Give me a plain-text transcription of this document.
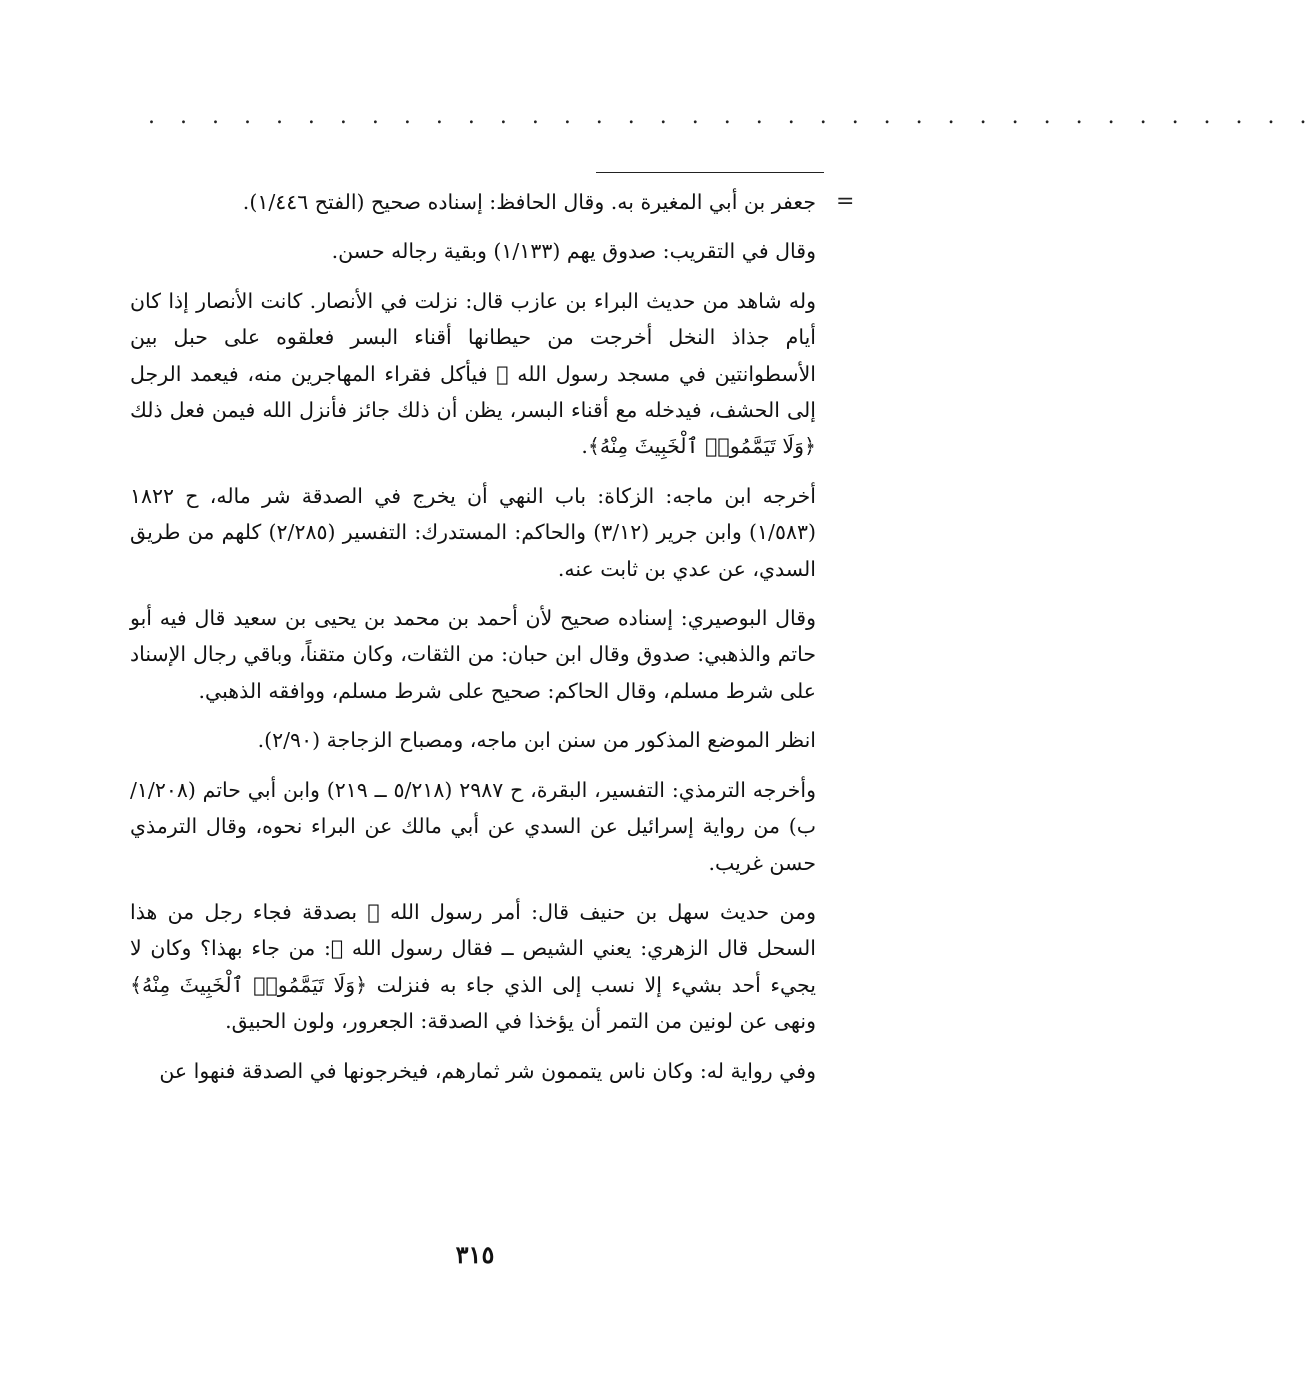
. . . . . . . . . . . . . . . . . . . . . . . . . . . . . . . . . . . . .
=

جعفر بن أبي المغيرة به. وقال الحافظ: إسناده صحيح (الفتح ١/٤٤٦).

وقال في التقريب: صدوق يهم (١/١٣٣) وبقية رجاله حسن.

وله شاهد من حديث البراء بن عازب قال: نزلت في الأنصار. كانت الأنصار إذا كان أيام جذاذ النخل أخرجت من حيطانها أقناء البسر فعلقوه على حبل بين الأسطوانتين في مسجد رسول الله ﷺ فيأكل فقراء المهاجرين منه، فيعمد الرجل إلى الحشف، فيدخله مع أقناء البسر، يظن أن ذلك جائز فأنزل الله فيمن فعل ذلك ﴿وَلَا تَيَمَّمُوا۟ ٱلْخَبِيثَ مِنْهُ﴾.

أخرجه ابن ماجه: الزكاة: باب النهي أن يخرج في الصدقة شر ماله، ح ١٨٢٢ (١/٥٨٣) وابن جرير (٣/١٢) والحاكم: المستدرك: التفسير (٢/٢٨٥) كلهم من طريق السدي، عن عدي بن ثابت عنه.

وقال البوصيري: إسناده صحيح لأن أحمد بن محمد بن يحيى بن سعيد قال فيه أبو حاتم والذهبي: صدوق وقال ابن حبان: من الثقات، وكان متقناً، وباقي رجال الإسناد على شرط مسلم، وقال الحاكم: صحيح على شرط مسلم، ووافقه الذهبي.

انظر الموضع المذكور من سنن ابن ماجه، ومصباح الزجاجة (٢/٩٠).

وأخرجه الترمذي: التفسير، البقرة، ح ٢٩٨٧ (٥/٢١٨ ــ ٢١٩) وابن أبي حاتم (١/٢٠٨/ب) من رواية إسرائيل عن السدي عن أبي مالك عن البراء نحوه، وقال الترمذي حسن غريب.

ومن حديث سهل بن حنيف قال: أمر رسول الله ﷺ بصدقة فجاء رجل من هذا السحل قال الزهري: يعني الشيص ــ فقال رسول الله ﷺ: من جاء بهذا؟ وكان لا يجيء أحد بشيء إلا نسب إلى الذي جاء به فنزلت ﴿وَلَا تَيَمَّمُوا۟ ٱلْخَبِيثَ مِنْهُ﴾ ونهى عن لونين من التمر أن يؤخذا في الصدقة: الجعرور، ولون الحبيق.

وفي رواية له: وكان ناس يتممون شر ثمارهم، فيخرجونها في الصدقة فنهوا عن

٣١٥
